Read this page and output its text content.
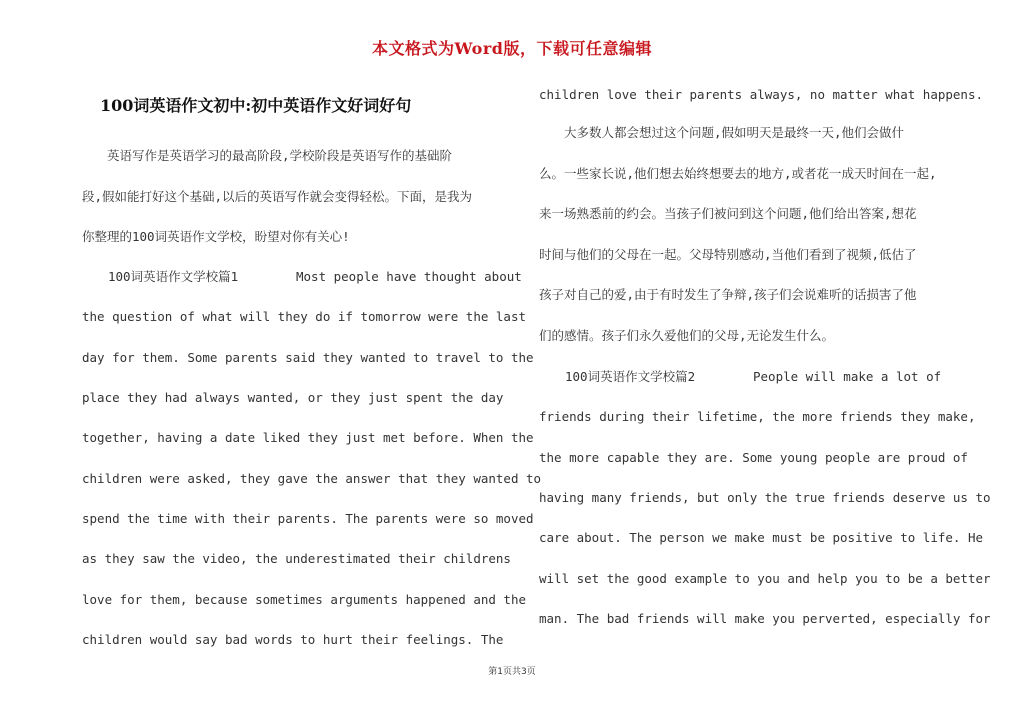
本文格式为Word版，下载可任意编辑
100词英语作文初中:初中英语作文好词好句
　　英语写作是英语学习的最高阶段,学校阶段是英语写作的基础阶
段,假如能打好这个基础,以后的英语写作就会变得轻松。下面，是我为
你整理的100词英语作文学校，盼望对你有关心!
100词英语作文学校篇1	Most people have thought about
the question of what will they do if tomorrow were the last
day for them. Some parents said they wanted to travel to the
place they had always wanted, or they just spent the day
together, having a date liked they just met before. When the
children were asked, they gave the answer that they wanted to
spend the time with their parents. The parents were so moved
as they saw the video, the underestimated their childrens
love for them, because sometimes arguments happened and the
children would say bad words to hurt their feelings. The
children love their parents always, no matter what happens.
　　大多数人都会想过这个问题,假如明天是最终一天,他们会做什
么。一些家长说,他们想去始终想要去的地方,或者花一成天时间在一起,
来一场熟悉前的约会。当孩子们被问到这个问题,他们给出答案,想花
时间与他们的父母在一起。父母特别感动,当他们看到了视频,低估了
孩子对自己的爱,由于有时发生了争辩,孩子们会说难听的话损害了他
们的感情。孩子们永久爱他们的父母,无论发生什么。
100词英语作文学校篇2	People will make a lot of
friends during their lifetime, the more friends they make,
the more capable they are. Some young people are proud of
having many friends, but only the true friends deserve us to
care about. The person we make must be positive to life. He
will set the good example to you and help you to be a better
man. The bad friends will make you perverted, especially for
第1页共3页
